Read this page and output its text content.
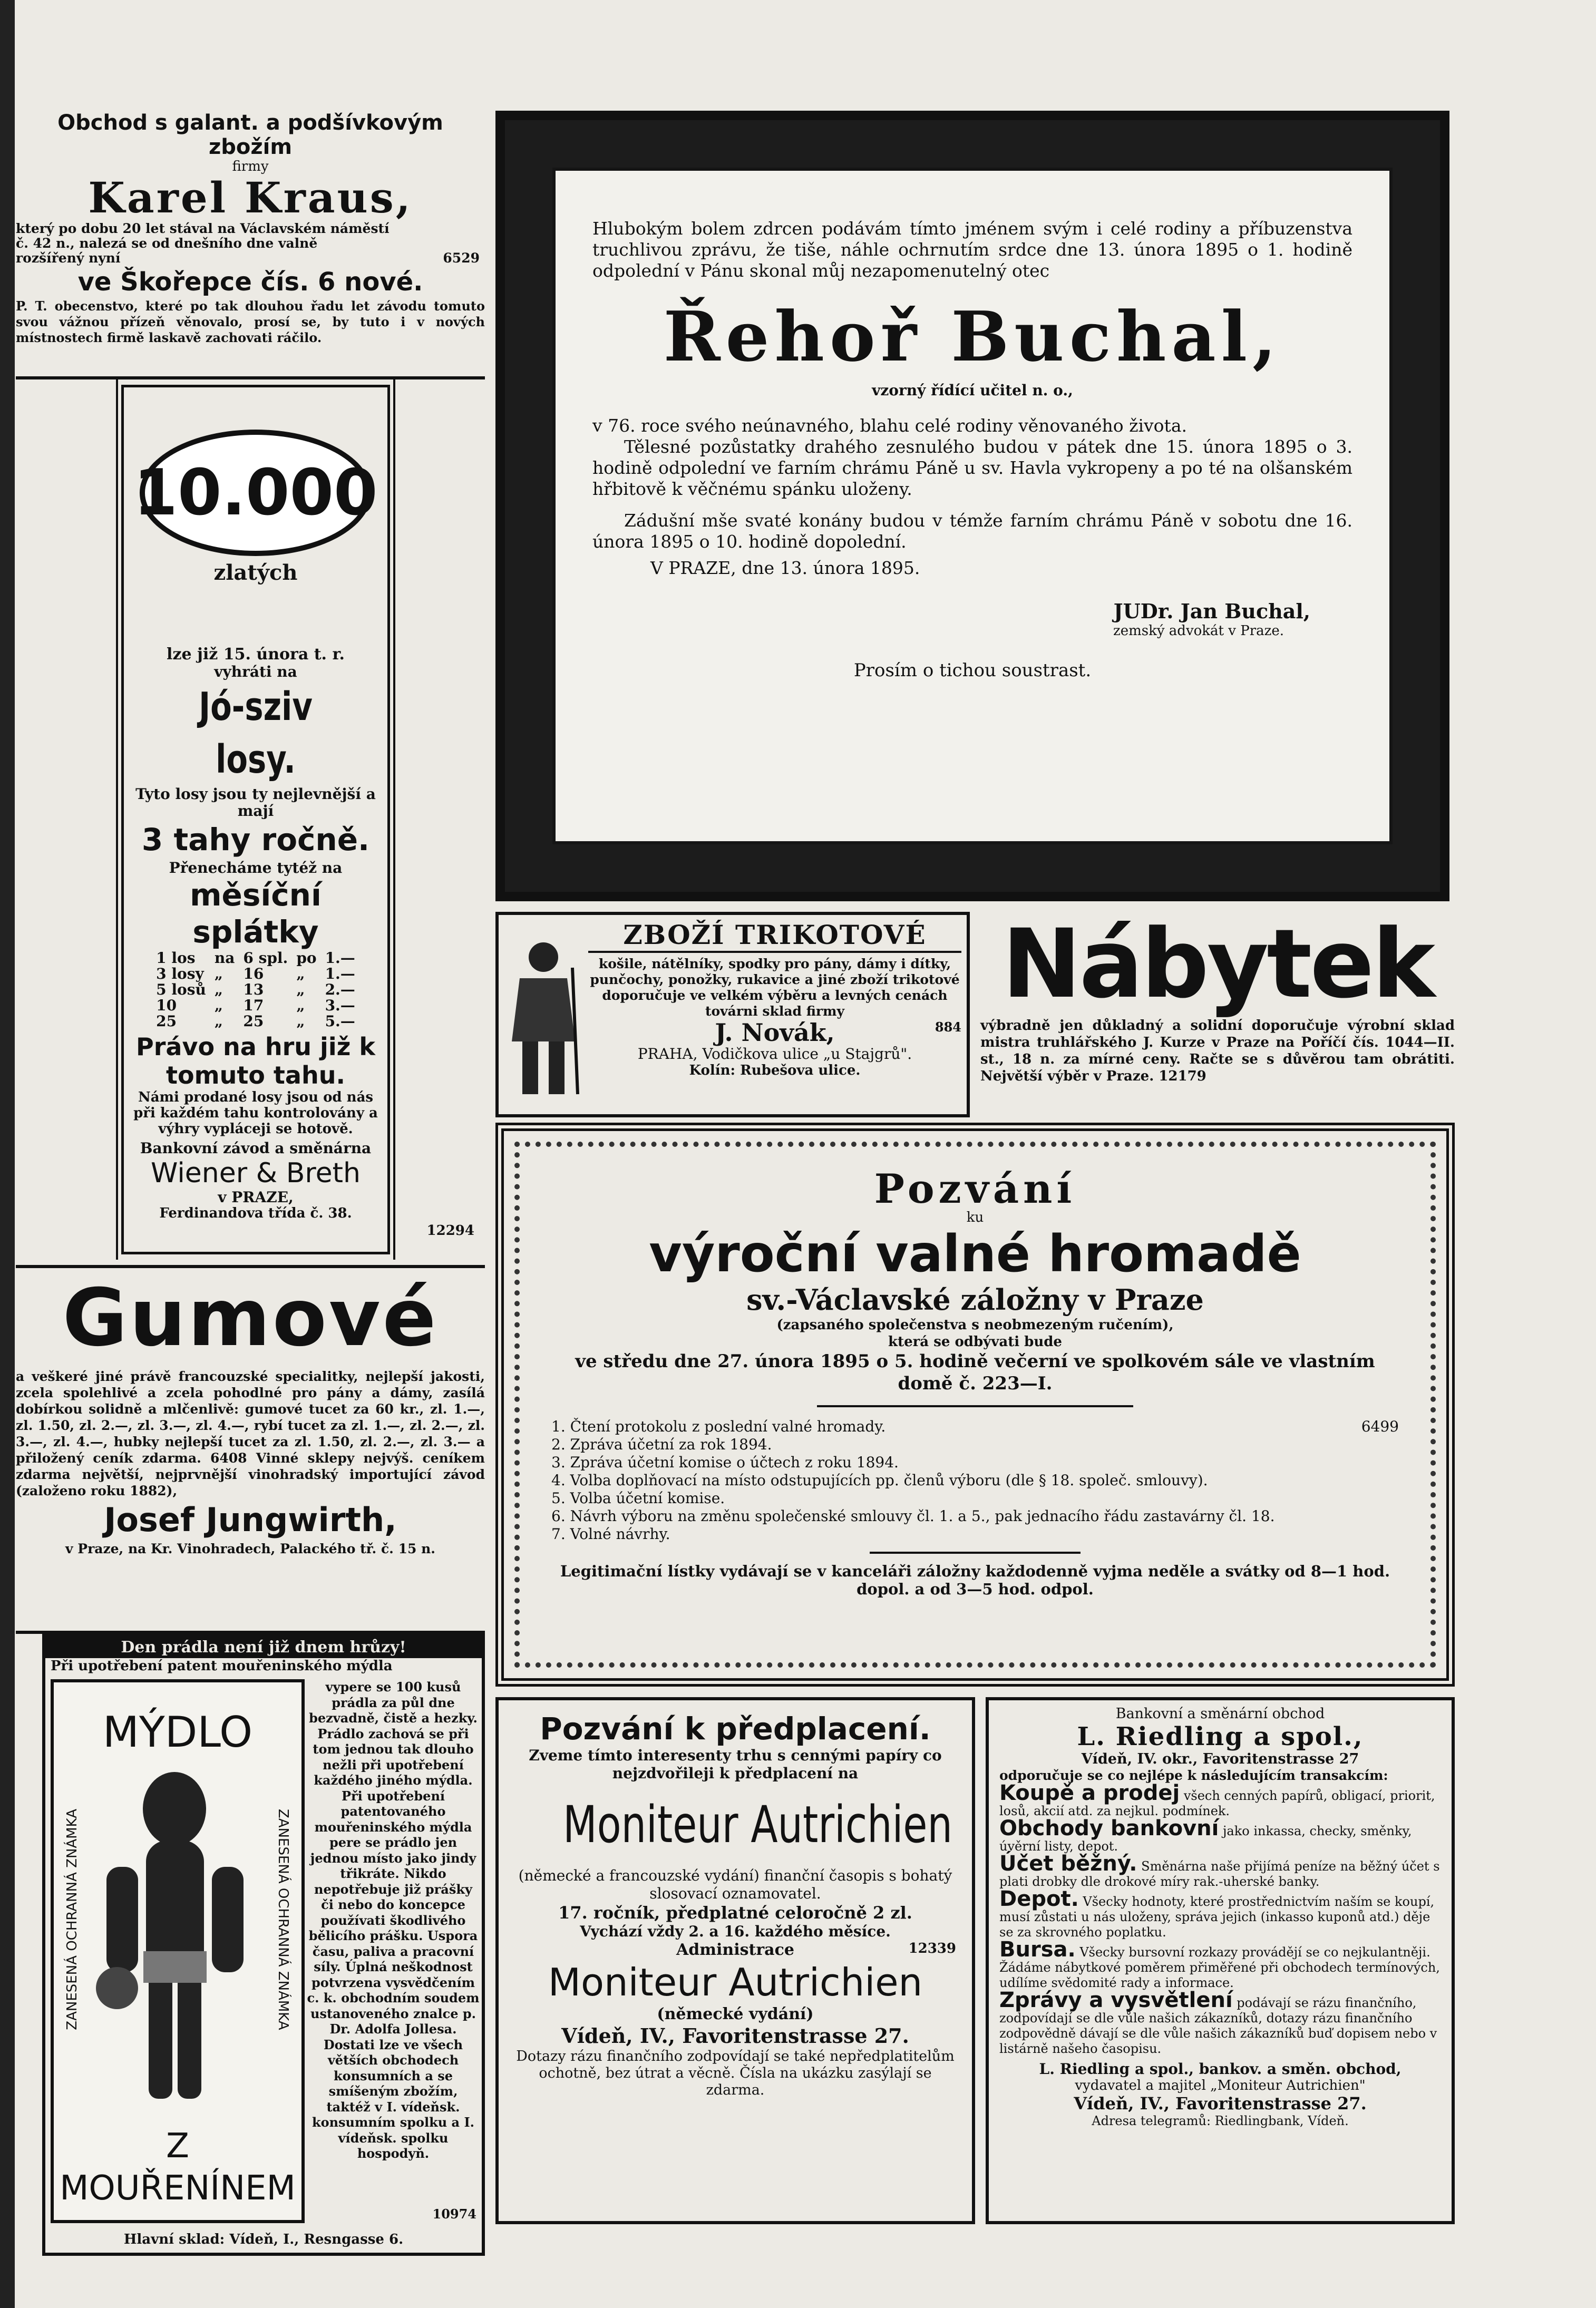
Obchod s galant. a podšívkovým zbožím
firmy
Karel Kraus,
který po dobu 20 let stával na Václavském náměstí
č. 42 n., nalezá se od dnešního dne valně
rozšířený nyní	6529
ve Škořepce čís. 6 nové.
P. T. obecenstvo, které po tak dlouhou řadu let závodu tomuto svou vážnou přízeň věnovalo, prosí se, by tuto i v nových místnostech firmě laskavě zachovati ráčilo.
10.000
zlatých
lze již 15. února t. r.
vyhráti na
Jó-sziv losy.
Tyto losy jsou ty nejlevnější a mají
3 tahy ročně.
Přenecháme tytéž na
měsíční splátky
1 los	na	6 spl.	po	1.—
3 losy	„	16	„	1.—
5 losů	„	13	„	2.—
10	„	17	„	3.—
25	„	25	„	5.—
Právo na hru již k tomuto tahu.
Námi prodané losy jsou od nás při každém tahu kontrolovány a výhry vypláceji se hotově.
Bankovní závod a směnárna
Wiener & Breth
v PRAZE,
Ferdinandova třída č. 38.
12294
Gumové
a veškeré jiné právě francouzské specialitky, nejlepší jakosti, zcela spolehlivé a zcela pohodlné pro pány a dámy, zasílá dobírkou solidně a mlčenlivě: gumové tucet za 60 kr., zl. 1.—, zl. 1.50, zl. 2.—, zl. 3.—, zl. 4.—, rybí tucet za zl. 1.—, zl. 2.—, zl. 3.—, zl. 4.—, hubky nejlepší tucet za zl. 1.50, zl. 2.—, zl. 3.— a přiložený ceník zdarma. 6408 Vinné sklepy nejvýš. ceníkem zdarma největší, nejprvnější vinohradský importující závod (založeno roku 1882),
Josef Jungwirth,
v Praze, na Kr. Vinohradech, Palackého tř. č. 15 n.
Den prádla není již dnem hrůzy!
Při upotřebení patent mouřeninského mýdla
MÝDLO
ZANESENÁ OCHRANNÁ ZNÁMKA	ZANESENÁ OCHRANNÁ ZNÁMKA
Z MOUŘENÍNEM
vypere se 100 kusů prádla za půl dne bezvadně, čistě a hezky. Prádlo zachová se při tom jednou tak dlouho nežli při upotřebení každého jiného mýdla. Při upotřebení patentovaného mouřeninského mýdla pere se prádlo jen jednou místo jako jindy třikráte. Nikdo nepotřebuje již prášky či nebo do koncepce používati škodlivého bělicího prášku. Uspora času, paliva a pracovní síly. Úplná neškodnost potvrzena vysvědčením c. k. obchodním soudem ustanoveného znalce p. Dr. Adolfa Jollesa. Dostati lze ve všech větších obchodech konsumních a se smíšeným zbožím, taktéž v I. vídeňsk. konsumním spolku a I. vídeňsk. spolku hospodyň.
10974
Hlavní sklad: Vídeň, I., Resngasse 6.
Hlubokým bolem zdrcen podávám tímto jménem svým i celé rodiny a příbuzenstva truchlivou zprávu, že tiše, náhle ochrnutím srdce dne 13. února 1895 o 1. hodině odpolední v Pánu skonal můj nezapomenutelný otec
Řehoř Buchal,
vzorný řídící učitel n. o.,
v 76. roce svého neúnavného, blahu celé rodiny věnovaného života.
Tělesné pozůstatky drahého zesnulého budou v pátek dne 15. února 1895 o 3. hodině odpolední ve farním chrámu Páně u sv. Havla vykropeny a po té na olšanském hřbitově k věčnému spánku uloženy.
Zádušní mše svaté konány budou v témže farním chrámu Páně v sobotu dne 16. února 1895 o 10. hodině dopolední.
V PRAZE, dne 13. února 1895.
JUDr. Jan Buchal,
zemský advokát v Praze.
Prosím o tichou soustrast.
ZBOŽÍ TRIKOTOVÉ
košile, nátělníky, spodky pro pány, dámy i dítky, punčochy, ponožky, rukavice a jiné zboží trikotové doporučuje ve velkém výběru a levných cenách továrni sklad firmy
J. Novák,	884
PRAHA, Vodičkova ulice „u Stajgrů".
Kolín: Rubešova ulice.
Nábytek
výbradně jen důkladný a solidní doporučuje výrobní sklad mistra truhlářského J. Kurze v Praze na Poříčí čís. 1044—II. st., 18 n. za mírné ceny. Račte se s důvěrou tam obrátiti. Největší výběr v Praze. 12179
Pozvání
ku
výroční valné hromadě
sv.-Václavské záložny v Praze
(zapsaného společenstva s neobmezeným ručením),
která se odbývati bude
ve středu dne 27. února 1895 o 5. hodině večerní ve spolkovém sále ve vlastním domě č. 223—I.
6499
1. Čtení protokolu z poslední valné hromady.
2. Zpráva účetní za rok 1894.
3. Zpráva účetní komise o účtech z roku 1894.
4. Volba doplňovací na místo odstupujících pp. členů výboru (dle § 18. společ. smlouvy).
5. Volba účetní komise.
6. Návrh výboru na změnu společenské smlouvy čl. 1. a 5., pak jednacího řádu zastavárny čl. 18.
7. Volné návrhy.
Legitimační lístky vydávají se v kanceláři záložny každodenně vyjma neděle a svátky od 8—1 hod. dopol. a od 3—5 hod. odpol.
Pozvání k předplacení.
Zveme tímto interesenty trhu s cennými papíry co nejzdvořileji k předplacení na
Moniteur Autrichien
(německé a francouzské vydání) finanční časopis s bohatý slosovací oznamovatel.
17. ročník, předplatné celoročně 2 zl.
Vychází vždy 2. a 16. každého měsíce.
Administrace	12339
Moniteur Autrichien
(německé vydání)
Vídeň, IV., Favoritenstrasse 27.
Dotazy rázu finančního zodpovídají se také nepředplatitelům ochotně, bez útrat a věcně. Čísla na ukázku zasýlají se zdarma.
Bankovní a směnární obchod
L. Riedling a spol.,
Vídeň, IV. okr., Favoritenstrasse 27
odporučuje se co nejlépe k následujícím transakcím:
Koupě a prodej všech cenných papírů, obligací, priorit, losů, akcií atd. za nejkul. podmínek.
Obchody bankovní jako inkassa, checky, směnky, úvěrní listy, depot.
Účet běžný. Směnárna naše přijímá peníze na běžný účet s plati drobky dle drokové míry rak.-uherské banky.
Depot. Všecky hodnoty, které prostřednictvím naším se koupí, musí zůstati u nás uloženy, správa jejich (inkasso kuponů atd.) děje se za skrovného poplatku.
Bursa. Všecky bursovní rozkazy provádějí se co nejkulantněji. Žádáme nábytkové poměrem přiměřené při obchodech termínových, udílíme svědomité rady a informace.
Zprávy a vysvětlení podávají se rázu finančního, zodpovídají se dle vůle našich zákazníků, dotazy rázu finančního zodpovědně dávají se dle vůle našich zákazníků buď dopisem nebo v listárně našeho časopisu.
L. Riedling a spol., bankov. a směn. obchod,
vydavatel a majitel „Moniteur Autrichien"
Vídeň, IV., Favoritenstrasse 27.
Adresa telegramů: Riedlingbank, Vídeň.
